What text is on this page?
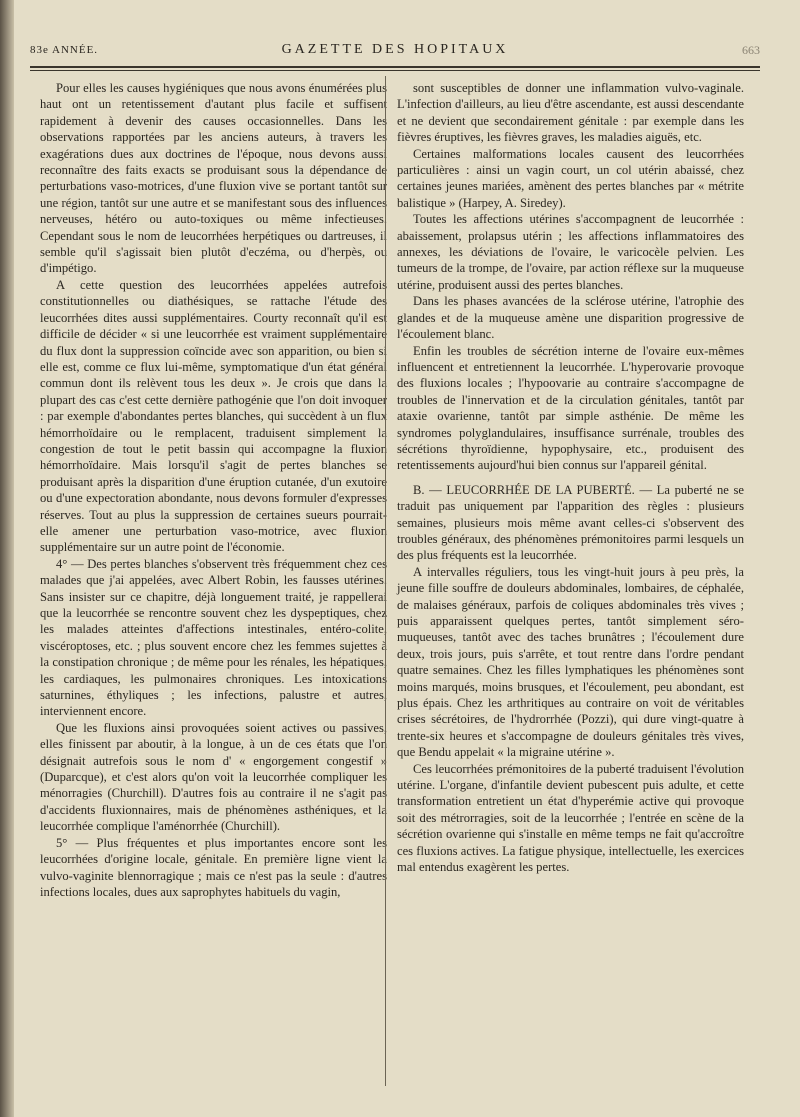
83e ANNÉE.	GAZETTE DES HOPITAUX	663

Pour elles les causes hygiéniques que nous avons énumérées plus haut ont un retentissement d'autant plus facile et suffisent rapidement à devenir des causes occasionnelles. Dans les observations rapportées par les anciens auteurs, à travers les exagérations dues aux doctrines de l'époque, nous devons aussi reconnaître des faits exacts se produisant sous la dépendance de perturbations vaso-motrices, d'une fluxion vive se portant tantôt sur une région, tantôt sur une autre et se manifestant sous des influences nerveuses, hétéro ou auto-toxiques ou même infectieuses. Cependant sous le nom de leucorrhées herpétiques ou dartreuses, il semble qu'il s'agissait bien plutôt d'eczéma, ou d'herpès, ou d'impétigo.

A cette question des leucorrhées appelées autrefois constitutionnelles ou diathésiques, se rattache l'étude des leucorrhées dites aussi supplémentaires. Courty reconnaît qu'il est difficile de décider « si une leucorrhée est vraiment supplémentaire du flux dont la suppression coïncide avec son apparition, ou bien si elle est, comme ce flux lui-même, symptomatique d'un état général commun dont ils relèvent tous les deux ». Je crois que dans la plupart des cas c'est cette dernière pathogénie que l'on doit invoquer : par exemple d'abondantes pertes blanches, qui succèdent à un flux hémorrhoïdaire ou le remplacent, traduisent simplement la congestion de tout le petit bassin qui accompagne la fluxion hémorrhoïdaire. Mais lorsqu'il s'agit de pertes blanches se produisant après la disparition d'une éruption cutanée, d'un exutoire ou d'une expectoration abondante, nous devons formuler d'expresses réserves. Tout au plus la suppression de certaines sueurs pourrait-elle amener une perturbation vaso-motrice, avec fluxion supplémentaire sur un autre point de l'économie.

4° — Des pertes blanches s'observent très fréquemment chez ces malades que j'ai appelées, avec Albert Robin, les fausses utérines. Sans insister sur ce chapitre, déjà longuement traité, je rappellerai que la leucorrhée se rencontre souvent chez les dyspeptiques, chez les malades atteintes d'affections intestinales, entéro-colite, viscéroptoses, etc. ; plus souvent encore chez les femmes sujettes à la constipation chronique ; de même pour les rénales, les hépatiques, les cardiaques, les pulmonaires chroniques. Les intoxications saturnines, éthyliques ; les infections, palustre et autres, interviennent encore.

Que les fluxions ainsi provoquées soient actives ou passives, elles finissent par aboutir, à la longue, à un de ces états que l'on désignait autrefois sous le nom d' « engorgement congestif » (Duparcque), et c'est alors qu'on voit la leucorrhée compliquer les ménorragies (Churchill). D'autres fois au contraire il ne s'agit pas d'accidents fluxionnaires, mais de phénomènes asthéniques, et la leucorrhée complique l'aménorrhée (Churchill).

5° — Plus fréquentes et plus importantes encore sont les leucorrhées d'origine locale, génitale. En première ligne vient la vulvo-vaginite blennorragique ; mais ce n'est pas la seule : d'autres infections locales, dues aux saprophytes habituels du vagin,

sont susceptibles de donner une inflammation vulvo-vaginale. L'infection d'ailleurs, au lieu d'être ascendante, est aussi descendante et ne devient que secondairement génitale : par exemple dans les fièvres éruptives, les fièvres graves, les maladies aiguës, etc.

Certaines malformations locales causent des leucorrhées particulières : ainsi un vagin court, un col utérin abaissé, chez certaines jeunes mariées, amènent des pertes blanches par « métrite balistique » (Harpey, A. Siredey).

Toutes les affections utérines s'accompagnent de leucorrhée : abaissement, prolapsus utérin ; les affections inflammatoires des annexes, les déviations de l'ovaire, le varicocèle pelvien. Les tumeurs de la trompe, de l'ovaire, par action réflexe sur la muqueuse utérine, produisent aussi des pertes blanches.

Dans les phases avancées de la sclérose utérine, l'atrophie des glandes et de la muqueuse amène une disparition progressive de l'écoulement blanc.

Enfin les troubles de sécrétion interne de l'ovaire eux-mêmes influencent et entretiennent la leucorrhée. L'hyperovarie provoque des fluxions locales ; l'hypoovarie au contraire s'accompagne de troubles de l'innervation et de la circulation génitales, tantôt par ataxie ovarienne, tantôt par simple asthénie. De même les syndromes polyglandulaires, insuffisance surrénale, troubles des sécrétions thyroïdienne, hypophysaire, etc., produisent des retentissements aujourd'hui bien connus sur l'appareil génital.

B. — LEUCORRHÉE DE LA PUBERTÉ. — La puberté ne se traduit pas uniquement par l'apparition des règles : plusieurs semaines, plusieurs mois même avant celles-ci s'observent des troubles généraux, des phénomènes prémonitoires parmi lesquels un des plus fréquents est la leucorrhée.

A intervalles réguliers, tous les vingt-huit jours à peu près, la jeune fille souffre de douleurs abdominales, lombaires, de céphalée, de malaises généraux, parfois de coliques abdominales très vives ; puis apparaissent quelques pertes, tantôt simplement séro-muqueuses, tantôt avec des taches brunâtres ; l'écoulement dure deux, trois jours, puis s'arrête, et tout rentre dans l'ordre pendant quatre semaines. Chez les filles lymphatiques les phénomènes sont moins marqués, moins brusques, et l'écoulement, peu abondant, est plus épais. Chez les arthritiques au contraire on voit de véritables crises sécrétoires, de l'hydrorrhée (Pozzi), qui dure vingt-quatre à trente-six heures et s'accompagne de douleurs génitales très vives, que Bendu appelait « la migraine utérine ».

Ces leucorrhées prémonitoires de la puberté traduisent l'évolution utérine. L'organe, d'infantile devient pubescent puis adulte, et cette transformation entretient un état d'hyperémie active qui provoque soit des métrorragies, soit de la leucorrhée ; l'entrée en scène de la sécrétion ovarienne qui s'installe en même temps ne fait qu'accroître ces fluxions actives. La fatigue physique, intellectuelle, les exercices mal entendus exagèrent les pertes.
